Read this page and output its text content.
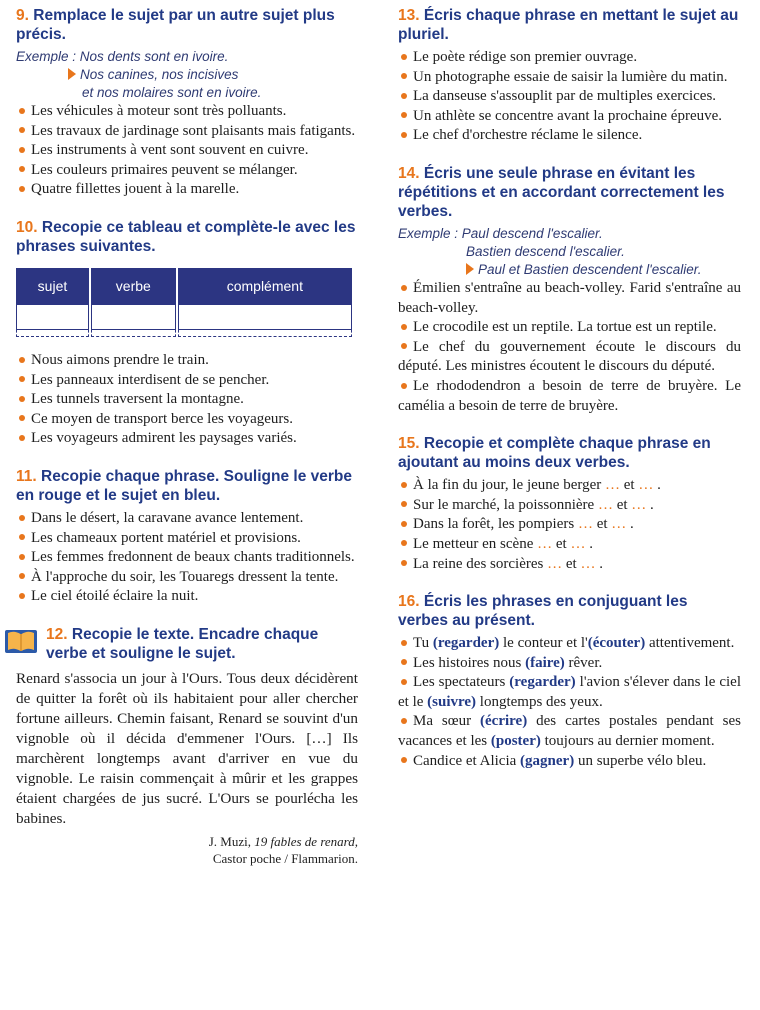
9. Remplace le sujet par un autre sujet plus précis.

Exemple : Nos dents sont en ivoire.
Nos canines, nos incisives
et nos molaires sont en ivoire.
Les véhicules à moteur sont très polluants.
Les travaux de jardinage sont plaisants mais fatigants.
Les instruments à vent sont souvent en cuivre.
Les couleurs primaires peuvent se mélanger.
Quatre fillettes jouent à la marelle.

10. Recopie ce tableau et complète-le avec les phrases suivantes.

sujet	verbe	complément

Nous aimons prendre le train.
Les panneaux interdisent de se pencher.
Les tunnels traversent la montagne.
Ce moyen de transport berce les voyageurs.
Les voyageurs admirent les paysages variés.

11. Recopie chaque phrase. Souligne le verbe en rouge et le sujet en bleu.

Dans le désert, la caravane avance lentement.
Les chameaux portent matériel et provisions.
Les femmes fredonnent de beaux chants traditionnels.
À l'approche du soir, les Touaregs dressent la tente.
Le ciel étoilé éclaire la nuit.

12. Recopie le texte. Encadre chaque verbe et souligne le sujet.

Renard s'associa un jour à l'Ours. Tous deux décidèrent de quitter la forêt où ils habitaient pour aller chercher fortune ailleurs. Chemin faisant, Renard se souvint d'un vignoble où il décida d'emmener l'Ours. […] Ils marchèrent longtemps avant d'arriver en vue du vignoble. Le raisin commençait à mûrir et les grappes étaient chargées de jus sucré. L'Ours se pourlécha les babines.
J. Muzi, 19 fables de renard,
Castor poche / Flammarion.

13. Écris chaque phrase en mettant le sujet au pluriel.

Le poète rédige son premier ouvrage.
Un photographe essaie de saisir la lumière du matin.
La danseuse s'assouplit par de multiples exercices.
Un athlète se concentre avant la prochaine épreuve.
Le chef d'orchestre réclame le silence.

14. Écris une seule phrase en évitant les répétitions et en accordant correctement les verbes.

Exemple : Paul descend l'escalier.
Bastien descend l'escalier.
Paul et Bastien descendent l'escalier.
Émilien s'entraîne au beach-volley. Farid s'entraîne au beach-volley.
Le crocodile est un reptile. La tortue est un reptile.
Le chef du gouvernement écoute le discours du député. Les ministres écoutent le discours du député.
Le rhododendron a besoin de terre de bruyère. Le camélia a besoin de terre de bruyère.

15. Recopie et complète chaque phrase en ajoutant au moins deux verbes.

À la fin du jour, le jeune berger … et … .
Sur le marché, la poissonnière … et … .
Dans la forêt, les pompiers … et … .
Le metteur en scène … et … .
La reine des sorcières … et … .

16. Écris les phrases en conjuguant les verbes au présent.

Tu (regarder) le conteur et l'(écouter) attentivement.
Les histoires nous (faire) rêver.
Les spectateurs (regarder) l'avion s'élever dans le ciel et le (suivre) longtemps des yeux.
Ma sœur (écrire) des cartes postales pendant ses vacances et les (poster) toujours au dernier moment.
Candice et Alicia (gagner) un superbe vélo bleu.
